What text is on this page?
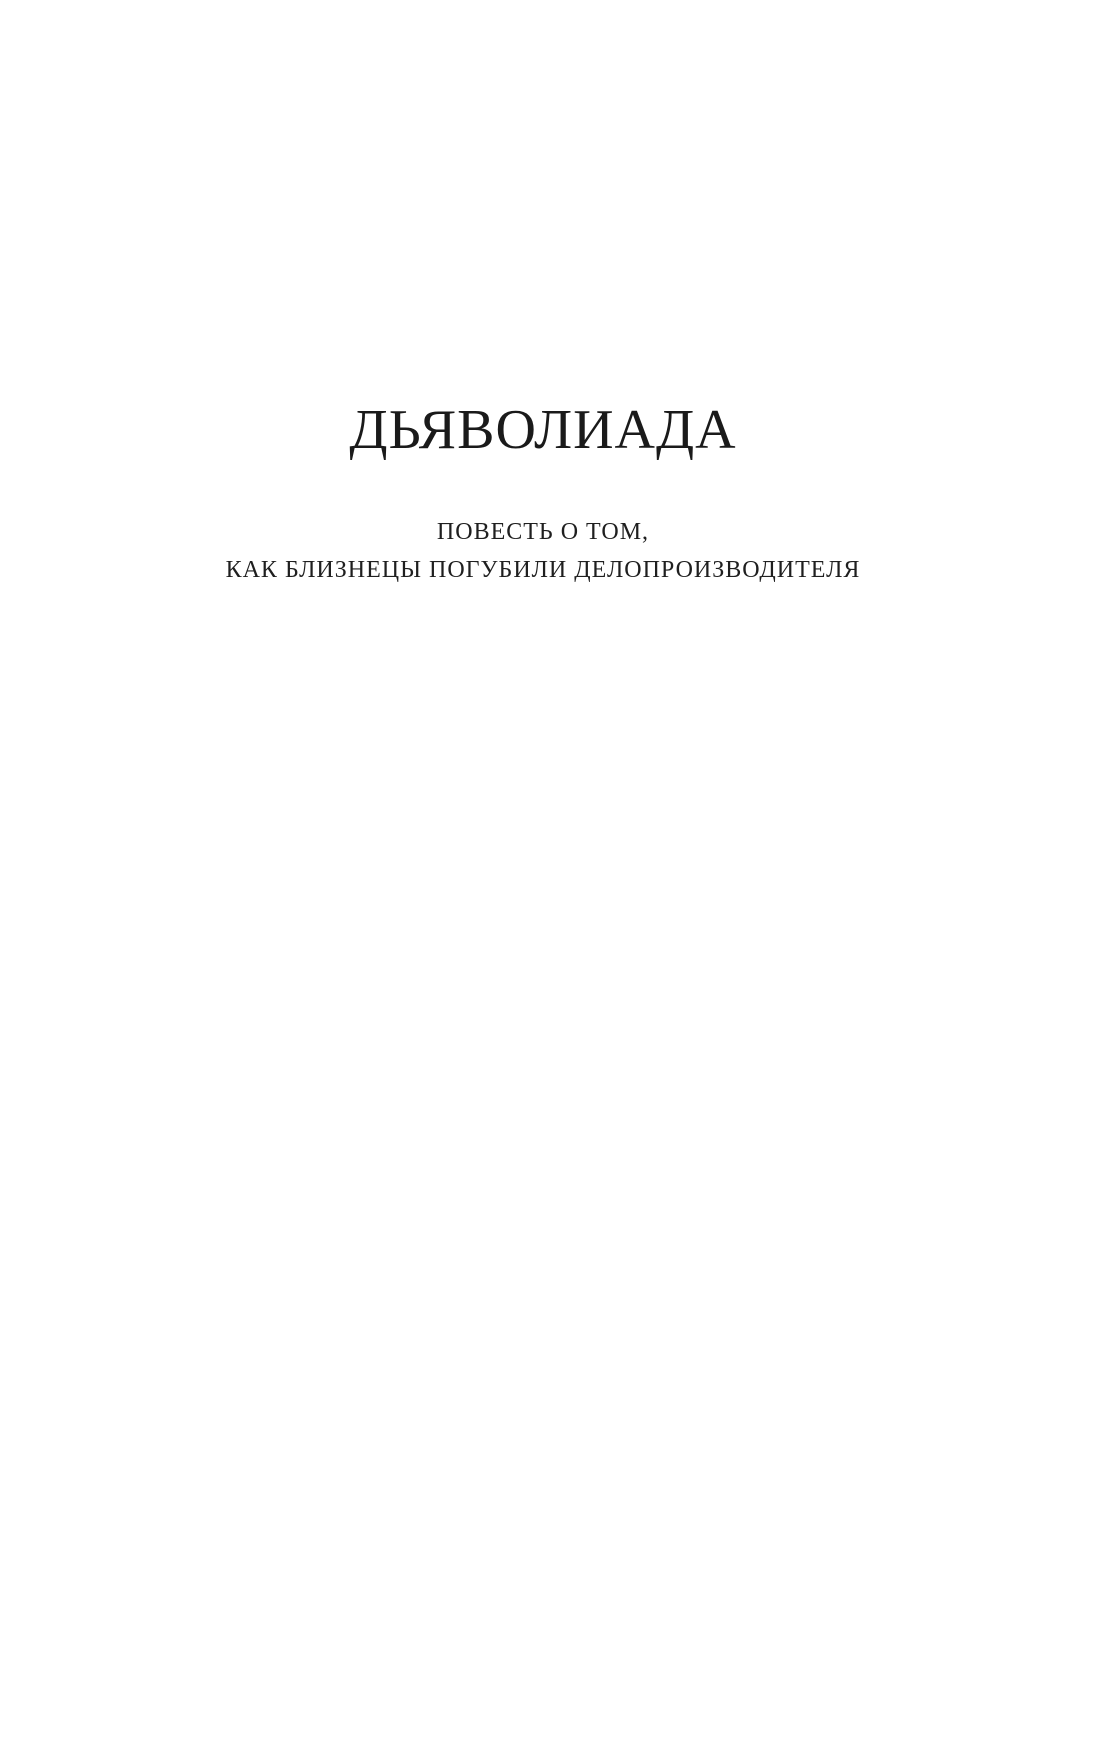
ДЬЯВОЛИАДА

ПОВЕСТЬ О ТОМ,
КАК БЛИЗНЕЦЫ ПОГУБИЛИ ДЕЛОПРОИЗВОДИТЕЛЯ
